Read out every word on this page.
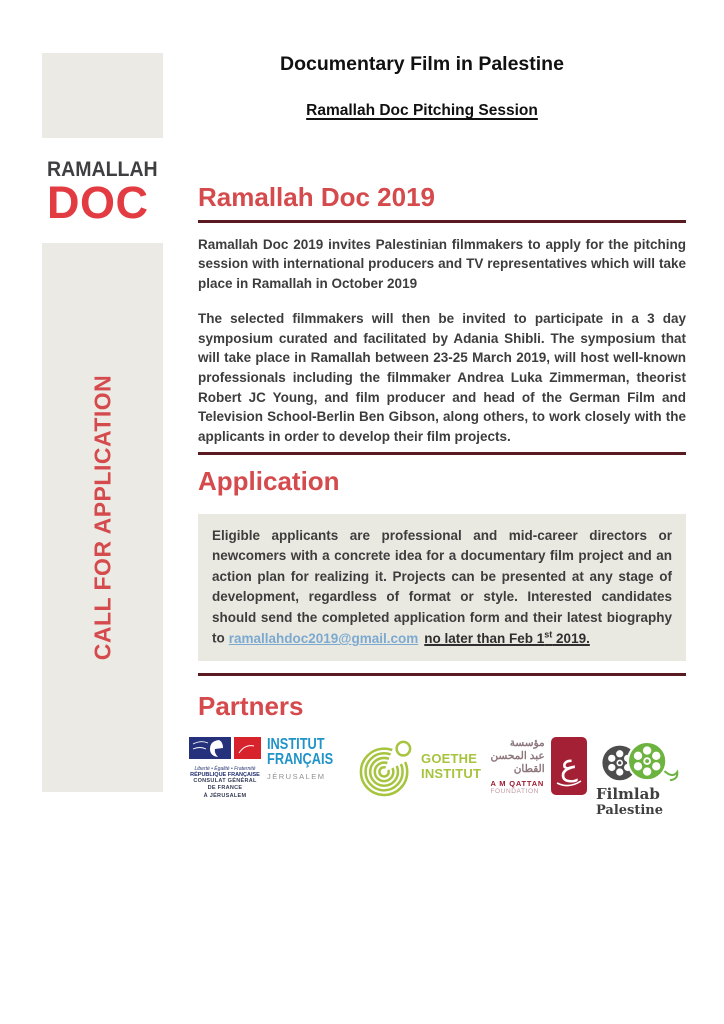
Documentary Film in Palestine
Ramallah Doc Pitching Session
RAMALLAH
DOC
CALL FOR APPLICATION
Ramallah Doc 2019

Ramallah Doc 2019 invites Palestinian filmmakers to apply for the pitching session with international producers and TV representatives which will take place in Ramallah in October 2019

The selected filmmakers will then be invited to participate in a 3 day symposium curated and facilitated by Adania Shibli. The symposium that will take place in Ramallah between 23-25 March 2019, will host well-known professionals including the filmmaker Andrea Luka Zimmerman, theorist Robert JC Young, and film producer and head of the German Film and Television School-Berlin Ben Gibson, along others, to work closely with the applicants in order to develop their film projects.

Application

Eligible applicants are professional and mid-career directors or newcomers with a concrete idea for a documentary film project and an action plan for realizing it. Projects can be presented at any stage of development, regardless of format or style. Interested candidates should send the completed application form and their latest biography to ramallahdoc2019@gmail.com no later than Feb 1st 2019.

Partners
Liberté • Égalité • Fraternité
RÉPUBLIQUE FRANÇAISE
CONSULAT GÉNÉRAL
DE FRANCE
À JÉRUSALEM
INSTITUT
FRANÇAIS
JÉRUSALEM
GOETHE
INSTITUT
مؤسسة
عبد المحسن
القطان
A M QATTAN
FOUNDATION
ع
Filmlab
Palestine
